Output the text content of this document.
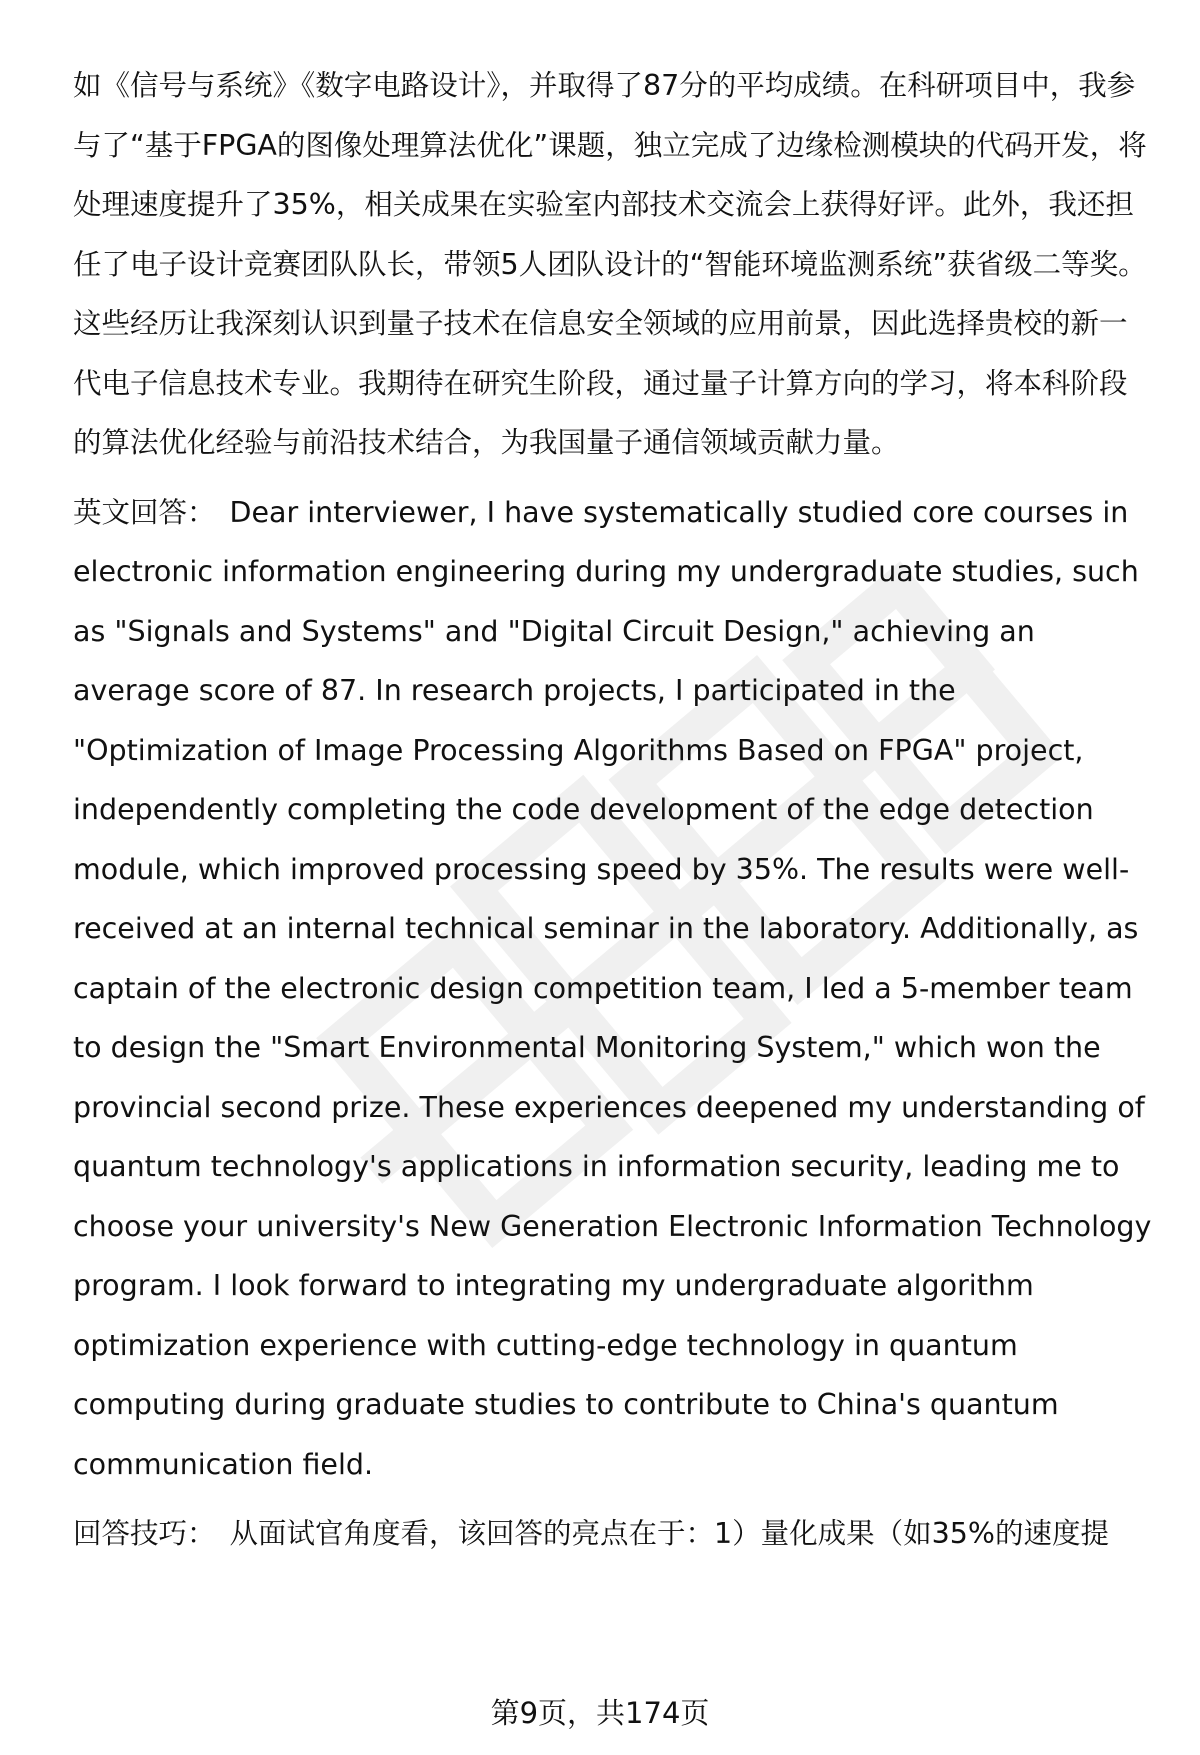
如《信号与系统》《数字电路设计》，并取得了87分的平均成绩。在科研项目中，我参与了“基于FPGA的图像处理算法优化”课题，独立完成了边缘检测模块的代码开发，将处理速度提升了35%，相关成果在实验室内部技术交流会上获得好评。此外，我还担任了电子设计竞赛团队队长，带领5人团队设计的“智能环境监测系统”获省级二等奖。这些经历让我深刻认识到量子技术在信息安全领域的应用前景，因此选择贵校的新一代电子信息技术专业。我期待在研究生阶段，通过量子计算方向的学习，将本科阶段的算法优化经验与前沿技术结合，为我国量子通信领域贡献力量。

英文回答： Dear interviewer, I have systematically studied core courses in electronic information engineering during my undergraduate studies, such as "Signals and Systems" and "Digital Circuit Design," achieving an average score of 87. In research projects, I participated in the "Optimization of Image Processing Algorithms Based on FPGA" project, independently completing the code development of the edge detection module, which improved processing speed by 35%. The results were well-received at an internal technical seminar in the laboratory. Additionally, as captain of the electronic design competition team, I led a 5-member team to design the "Smart Environmental Monitoring System," which won the provincial second prize. These experiences deepened my understanding of quantum technology's applications in information security, leading me to choose your university's New Generation Electronic Information Technology program. I look forward to integrating my undergraduate algorithm optimization experience with cutting-edge technology in quantum computing during graduate studies to contribute to China's quantum communication field.

回答技巧： 从面试官角度看，该回答的亮点在于：1）量化成果（如35%的速度提

第9页，共174页
